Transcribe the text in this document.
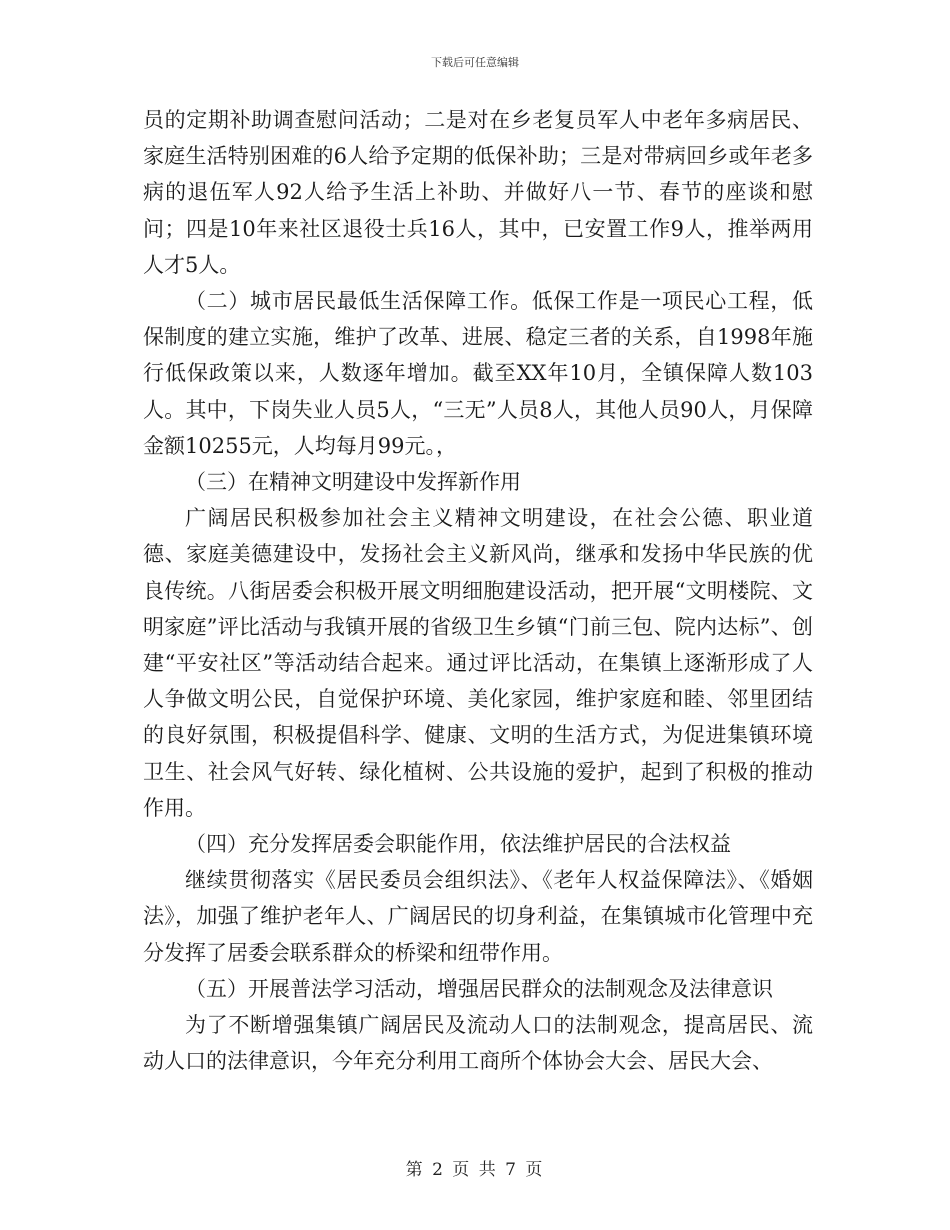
下载后可任意编辑

员的定期补助调查慰问活动；二是对在乡老复员军人中老年多病居民、家庭生活特别困难的6人给予定期的低保补助；三是对带病回乡或年老多病的退伍军人92人给予生活上补助、并做好八一节、春节的座谈和慰问；四是10年来社区退役士兵16人，其中，已安置工作9人，推举两用人才5人。

（二）城市居民最低生活保障工作。低保工作是一项民心工程，低保制度的建立实施，维护了改革、进展、稳定三者的关系，自1998年施行低保政策以来，人数逐年增加。截至XX年10月，全镇保障人数103人。其中，下岗失业人员5人，“三无”人员8人，其他人员90人，月保障金额10255元，人均每月99元。，

（三）在精神文明建设中发挥新作用

广阔居民积极参加社会主义精神文明建设，在社会公德、职业道德、家庭美德建设中，发扬社会主义新风尚，继承和发扬中华民族的优良传统。八街居委会积极开展文明细胞建设活动，把开展“文明楼院、文明家庭”评比活动与我镇开展的省级卫生乡镇“门前三包、院内达标”、创建“平安社区”等活动结合起来。通过评比活动，在集镇上逐渐形成了人人争做文明公民，自觉保护环境、美化家园，维护家庭和睦、邻里团结的良好氛围，积极提倡科学、健康、文明的生活方式，为促进集镇环境卫生、社会风气好转、绿化植树、公共设施的爱护，起到了积极的推动作用。

（四）充分发挥居委会职能作用，依法维护居民的合法权益

继续贯彻落实《居民委员会组织法》、《老年人权益保障法》、《婚姻法》，加强了维护老年人、广阔居民的切身利益，在集镇城市化管理中充分发挥了居委会联系群众的桥梁和纽带作用。

（五）开展普法学习活动，增强居民群众的法制观念及法律意识

为了不断增强集镇广阔居民及流动人口的法制观念，提高居民、流动人口的法律意识，今年充分利用工商所个体协会大会、居民大会、

第 2 页 共 7 页
